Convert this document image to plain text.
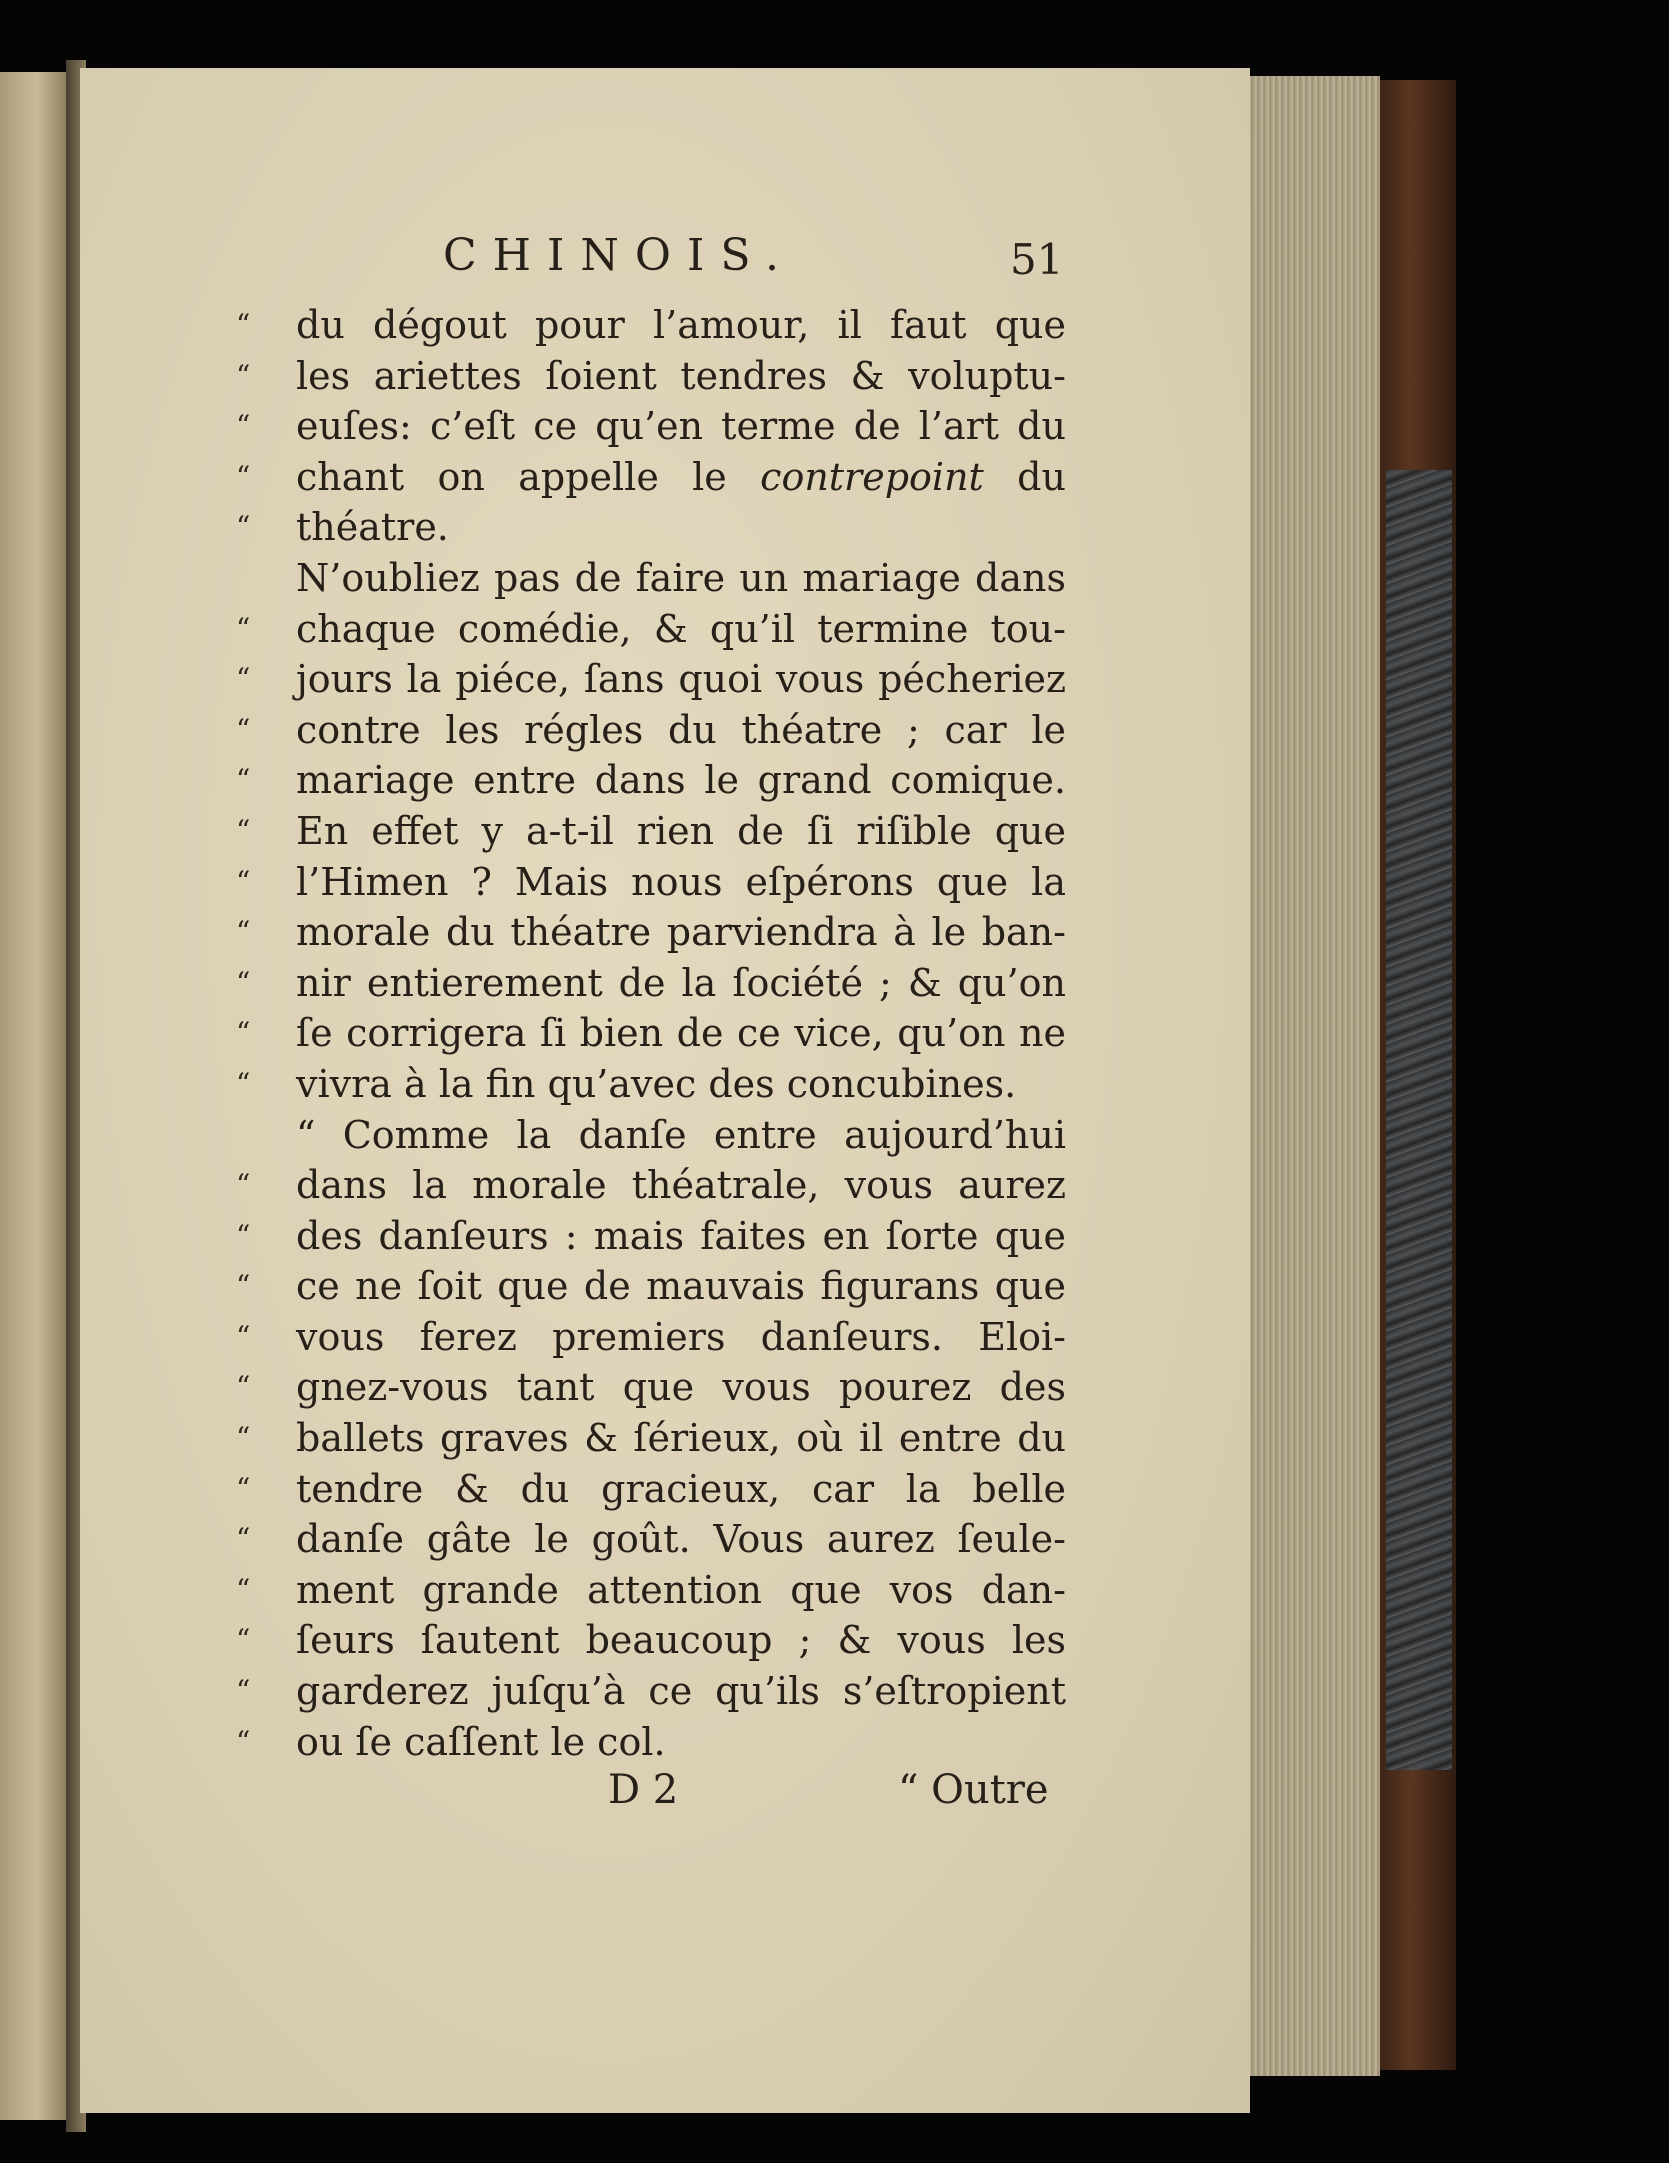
CHINOIS.	51
“	du dégout pour l’amour, il faut que
“	les ariettes ſoient tendres & voluptu-
“	euſes: c’eſt ce qu’en terme de l’art du
“	chant on appelle le contrepoint du
“	théatre.
N’oubliez pas de faire un mariage dans
“	chaque comédie, & qu’il termine tou-
“	jours la piéce, ſans quoi vous pécheriez
“	contre les régles du théatre ; car le
“	mariage entre dans le grand comique.
“	En effet y a-t-il rien de ſi riſible que
“	l’Himen ? Mais nous eſpérons que la
“	morale du théatre parviendra à le ban-
“	nir entierement de la ſociété ; & qu’on
“	ſe corrigera ſi bien de ce vice, qu’on ne
“	vivra à la fin qu’avec des concubines.
“ Comme la danſe entre aujourd’hui
“	dans la morale théatrale, vous aurez
“	des danſeurs : mais faites en ſorte que
“	ce ne ſoit que de mauvais figurans que
“	vous ferez premiers danſeurs. Eloi-
“	gnez-vous tant que vous pourez des
“	ballets graves & ſérieux, où il entre du
“	tendre & du gracieux, car la belle
“	danſe gâte le goût. Vous aurez ſeule-
“	ment grande attention que vos dan-
“	ſeurs ſautent beaucoup ; & vous les
“	garderez juſqu’à ce qu’ils s’eſtropient
“	ou ſe caſſent le col.
D 2	“ Outre
